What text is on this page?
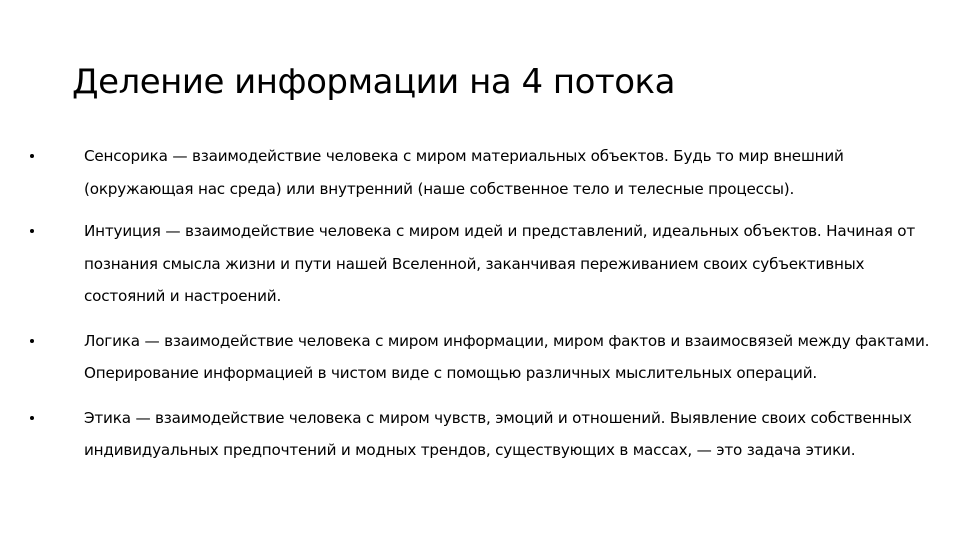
Деление информации на 4 потока
Сенсорика — взаимодействие человека с миром материальных объектов. Будь то мир внешний (окружающая нас среда) или внутренний (наше собственное тело и телесные процессы).
Интуиция — взаимодействие человека с миром идей и представлений, идеальных объектов. Начиная от познания смысла жизни и пути нашей Вселенной, заканчивая переживанием своих субъективных состояний и настроений.
Логика — взаимодействие человека с миром информации, миром фактов и взаимосвязей между фактами. Оперирование информацией в чистом виде с помощью различных мыслительных операций.
Этика — взаимодействие человека с миром чувств, эмоций и отношений. Выявление своих собственных индивидуальных предпочтений и модных трендов, существующих в массах, — это задача этики.
